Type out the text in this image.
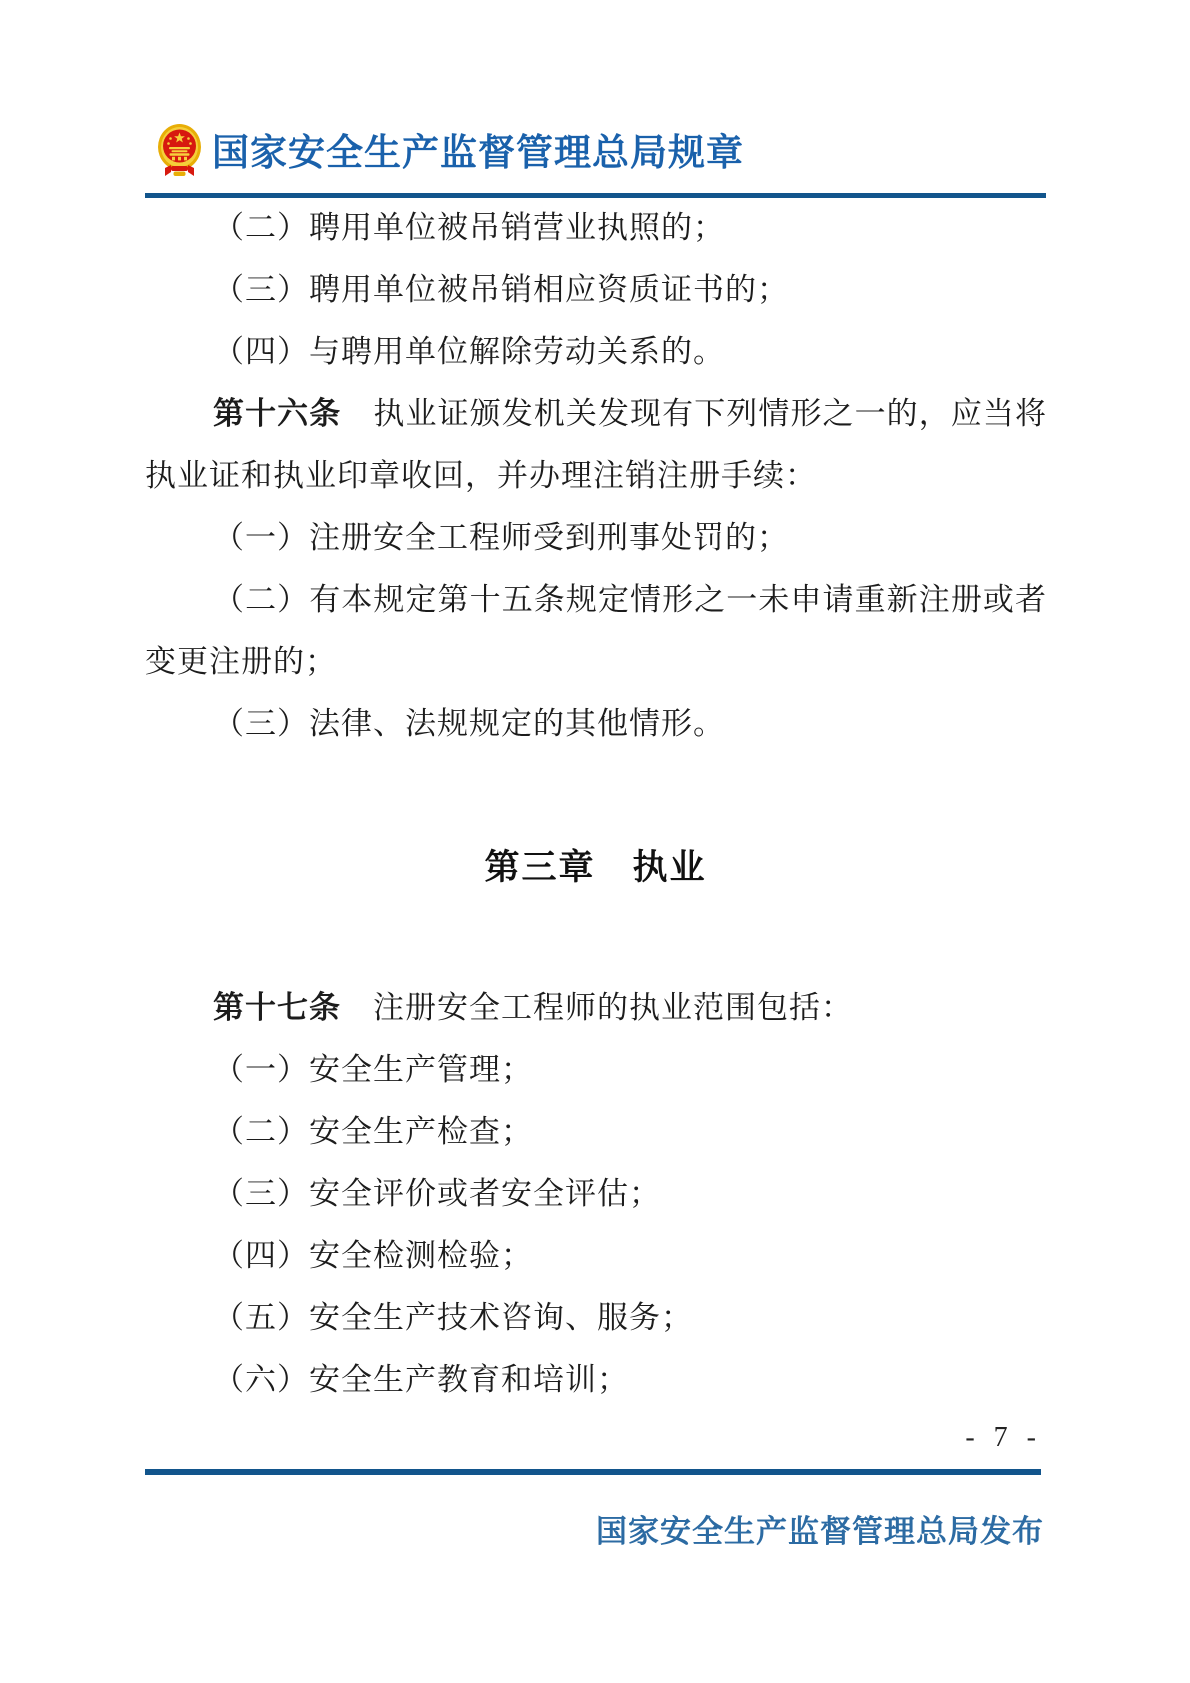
国家安全生产监督管理总局规章
（二）聘用单位被吊销营业执照的；
（三）聘用单位被吊销相应资质证书的；
（四）与聘用单位解除劳动关系的。
第十六条　执业证颁发机关发现有下列情形之一的，应当将
执业证和执业印章收回，并办理注销注册手续：
（一）注册安全工程师受到刑事处罚的；
（二）有本规定第十五条规定情形之一未申请重新注册或者
变更注册的；
（三）法律、法规规定的其他情形。
第三章　执业
第十七条　注册安全工程师的执业范围包括：
（一）安全生产管理；
（二）安全生产检查；
（三）安全评价或者安全评估；
（四）安全检测检验；
（五）安全生产技术咨询、服务；
（六）安全生产教育和培训；
- 7 -
国家安全生产监督管理总局发布
